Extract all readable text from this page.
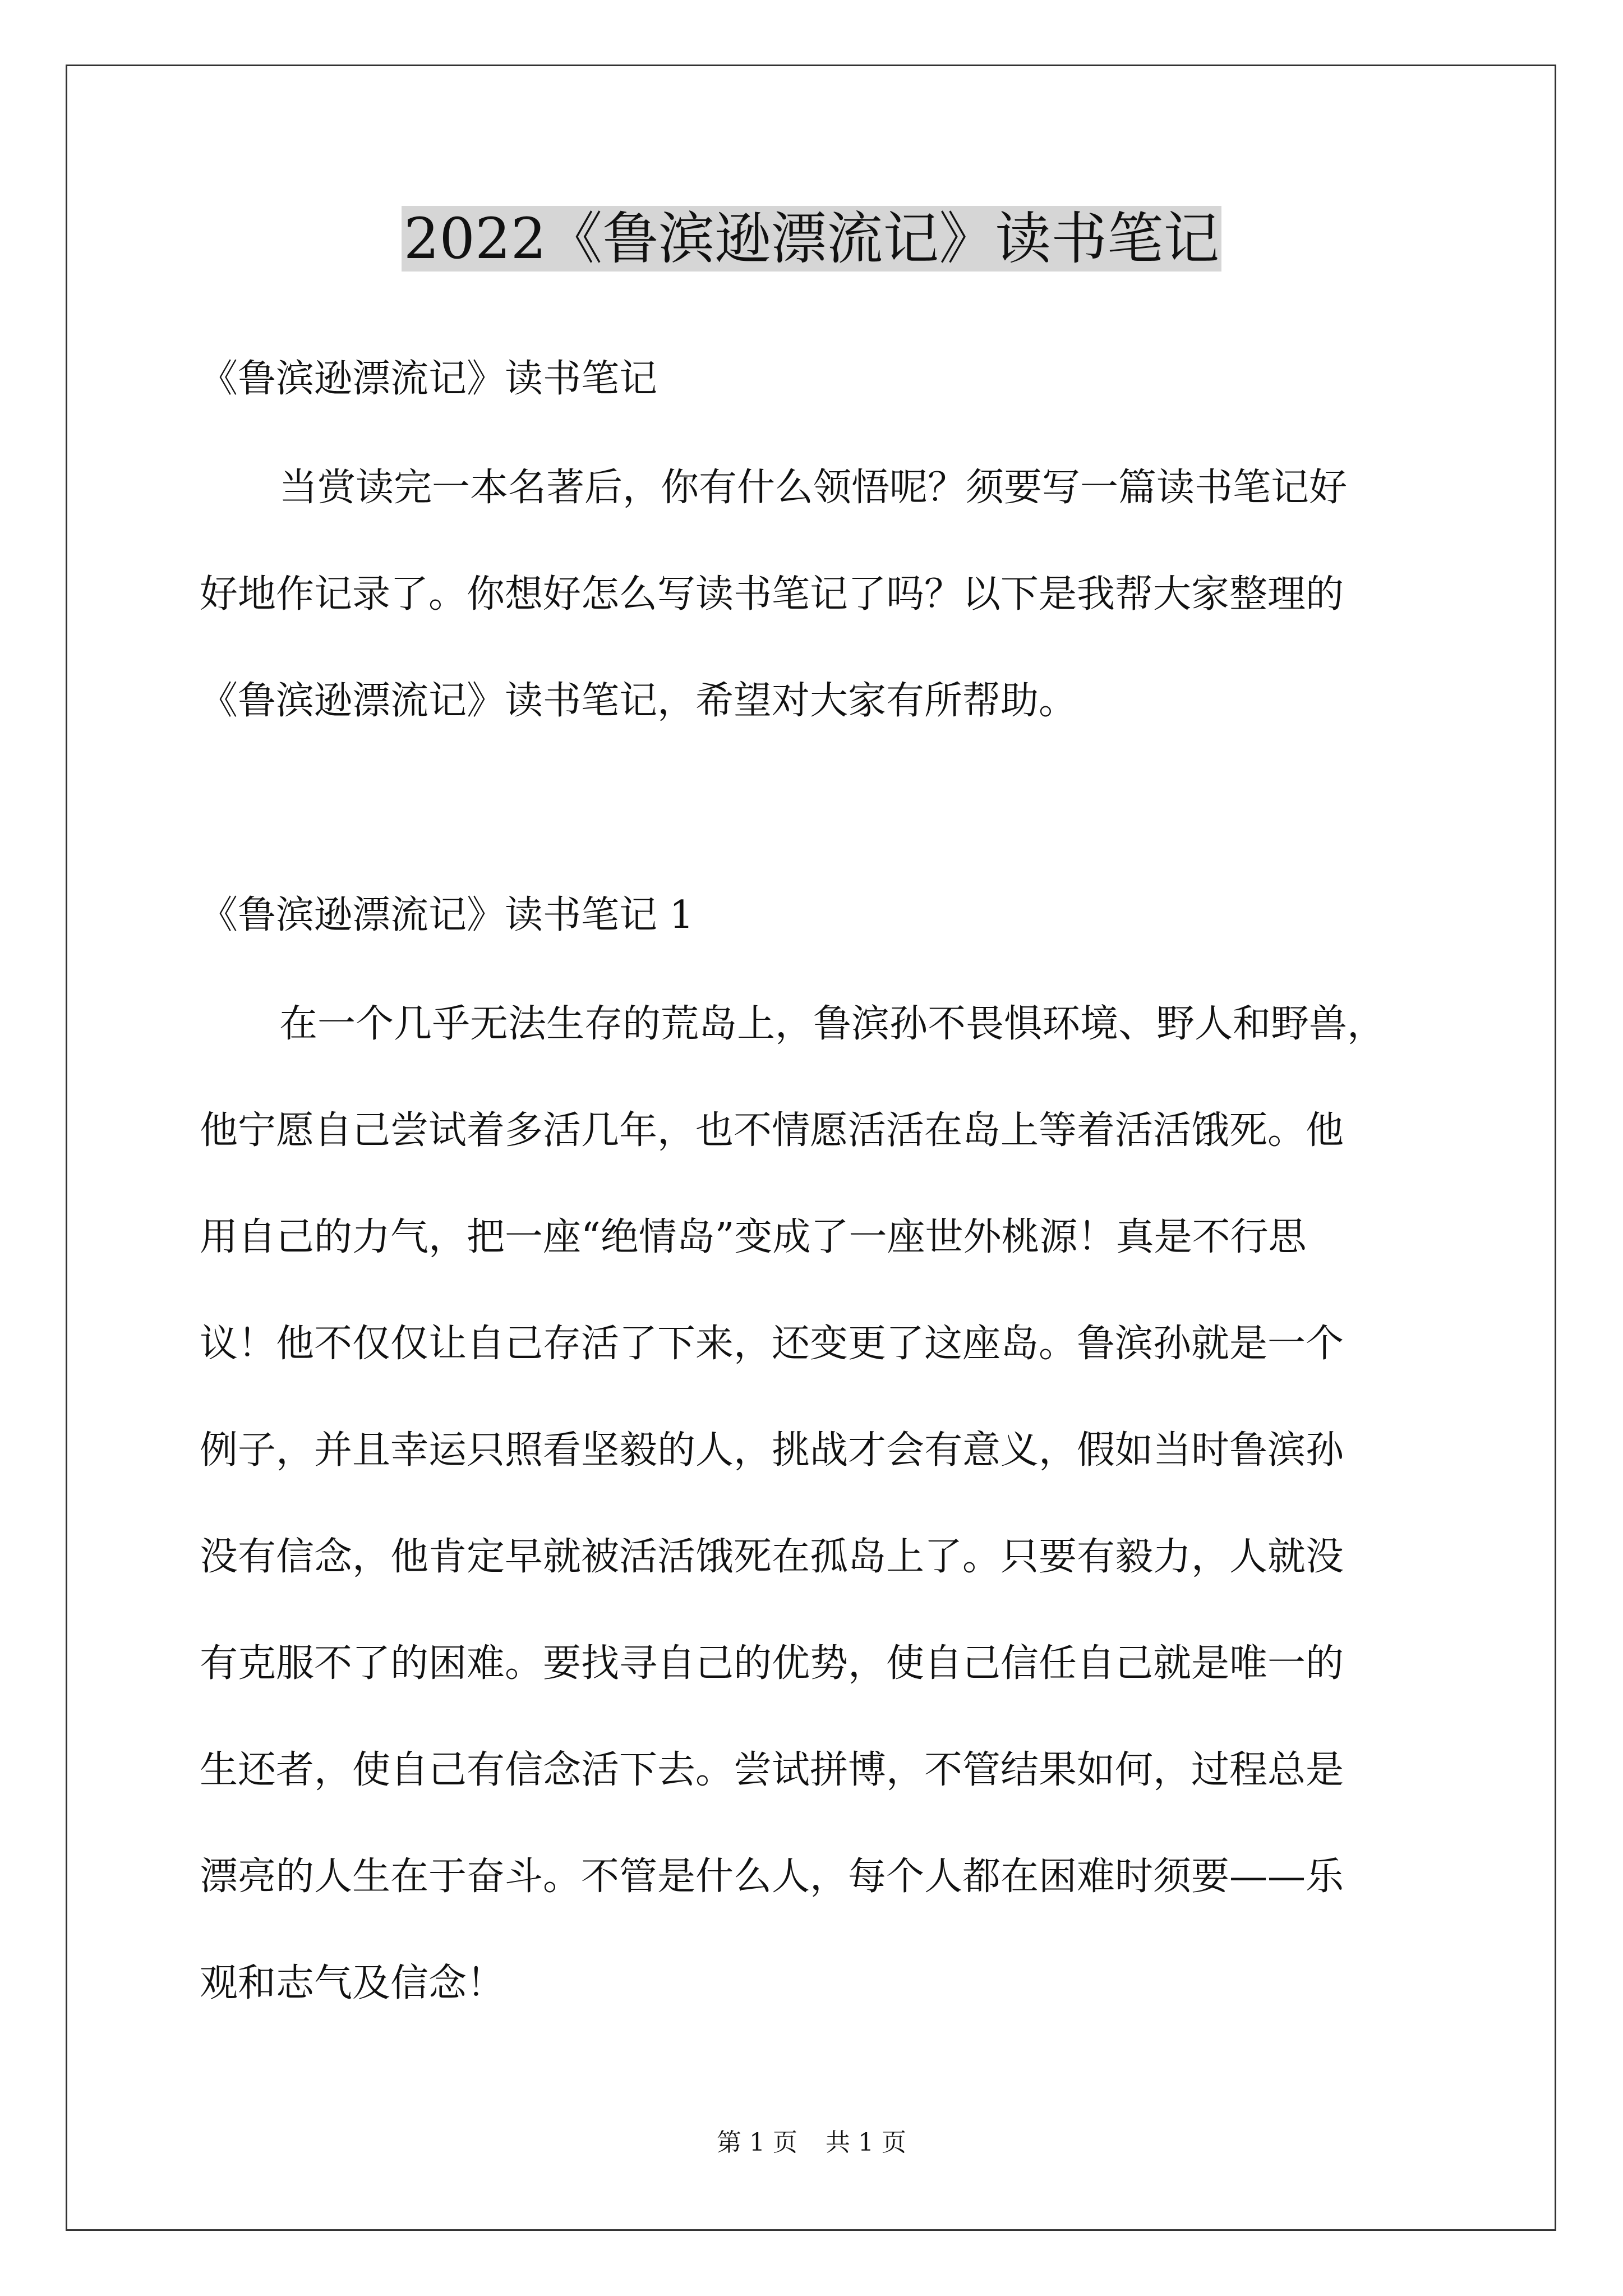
2022《鲁滨逊漂流记》读书笔记
《鲁滨逊漂流记》读书笔记
当赏读完一本名著后，你有什么领悟呢？须要写一篇读书笔记好
好地作记录了。你想好怎么写读书笔记了吗？以下是我帮大家整理的
《鲁滨逊漂流记》读书笔记，希望对大家有所帮助。
《鲁滨逊漂流记》读书笔记 1
在一个几乎无法生存的荒岛上，鲁滨孙不畏惧环境、野人和野兽，
他宁愿自己尝试着多活几年，也不情愿活活在岛上等着活活饿死。他
用自己的力气，把一座“绝情岛”变成了一座世外桃源！真是不行思
议！他不仅仅让自己存活了下来，还变更了这座岛。鲁滨孙就是一个
例子，并且幸运只照看坚毅的人，挑战才会有意义，假如当时鲁滨孙
没有信念，他肯定早就被活活饿死在孤岛上了。只要有毅力，人就没
有克服不了的困难。要找寻自己的优势，使自己信任自己就是唯一的
生还者，使自己有信念活下去。尝试拼博，不管结果如何，过程总是
漂亮的人生在于奋斗。不管是什么人，每个人都在困难时须要——乐
观和志气及信念！
第 1 页 共 1 页
